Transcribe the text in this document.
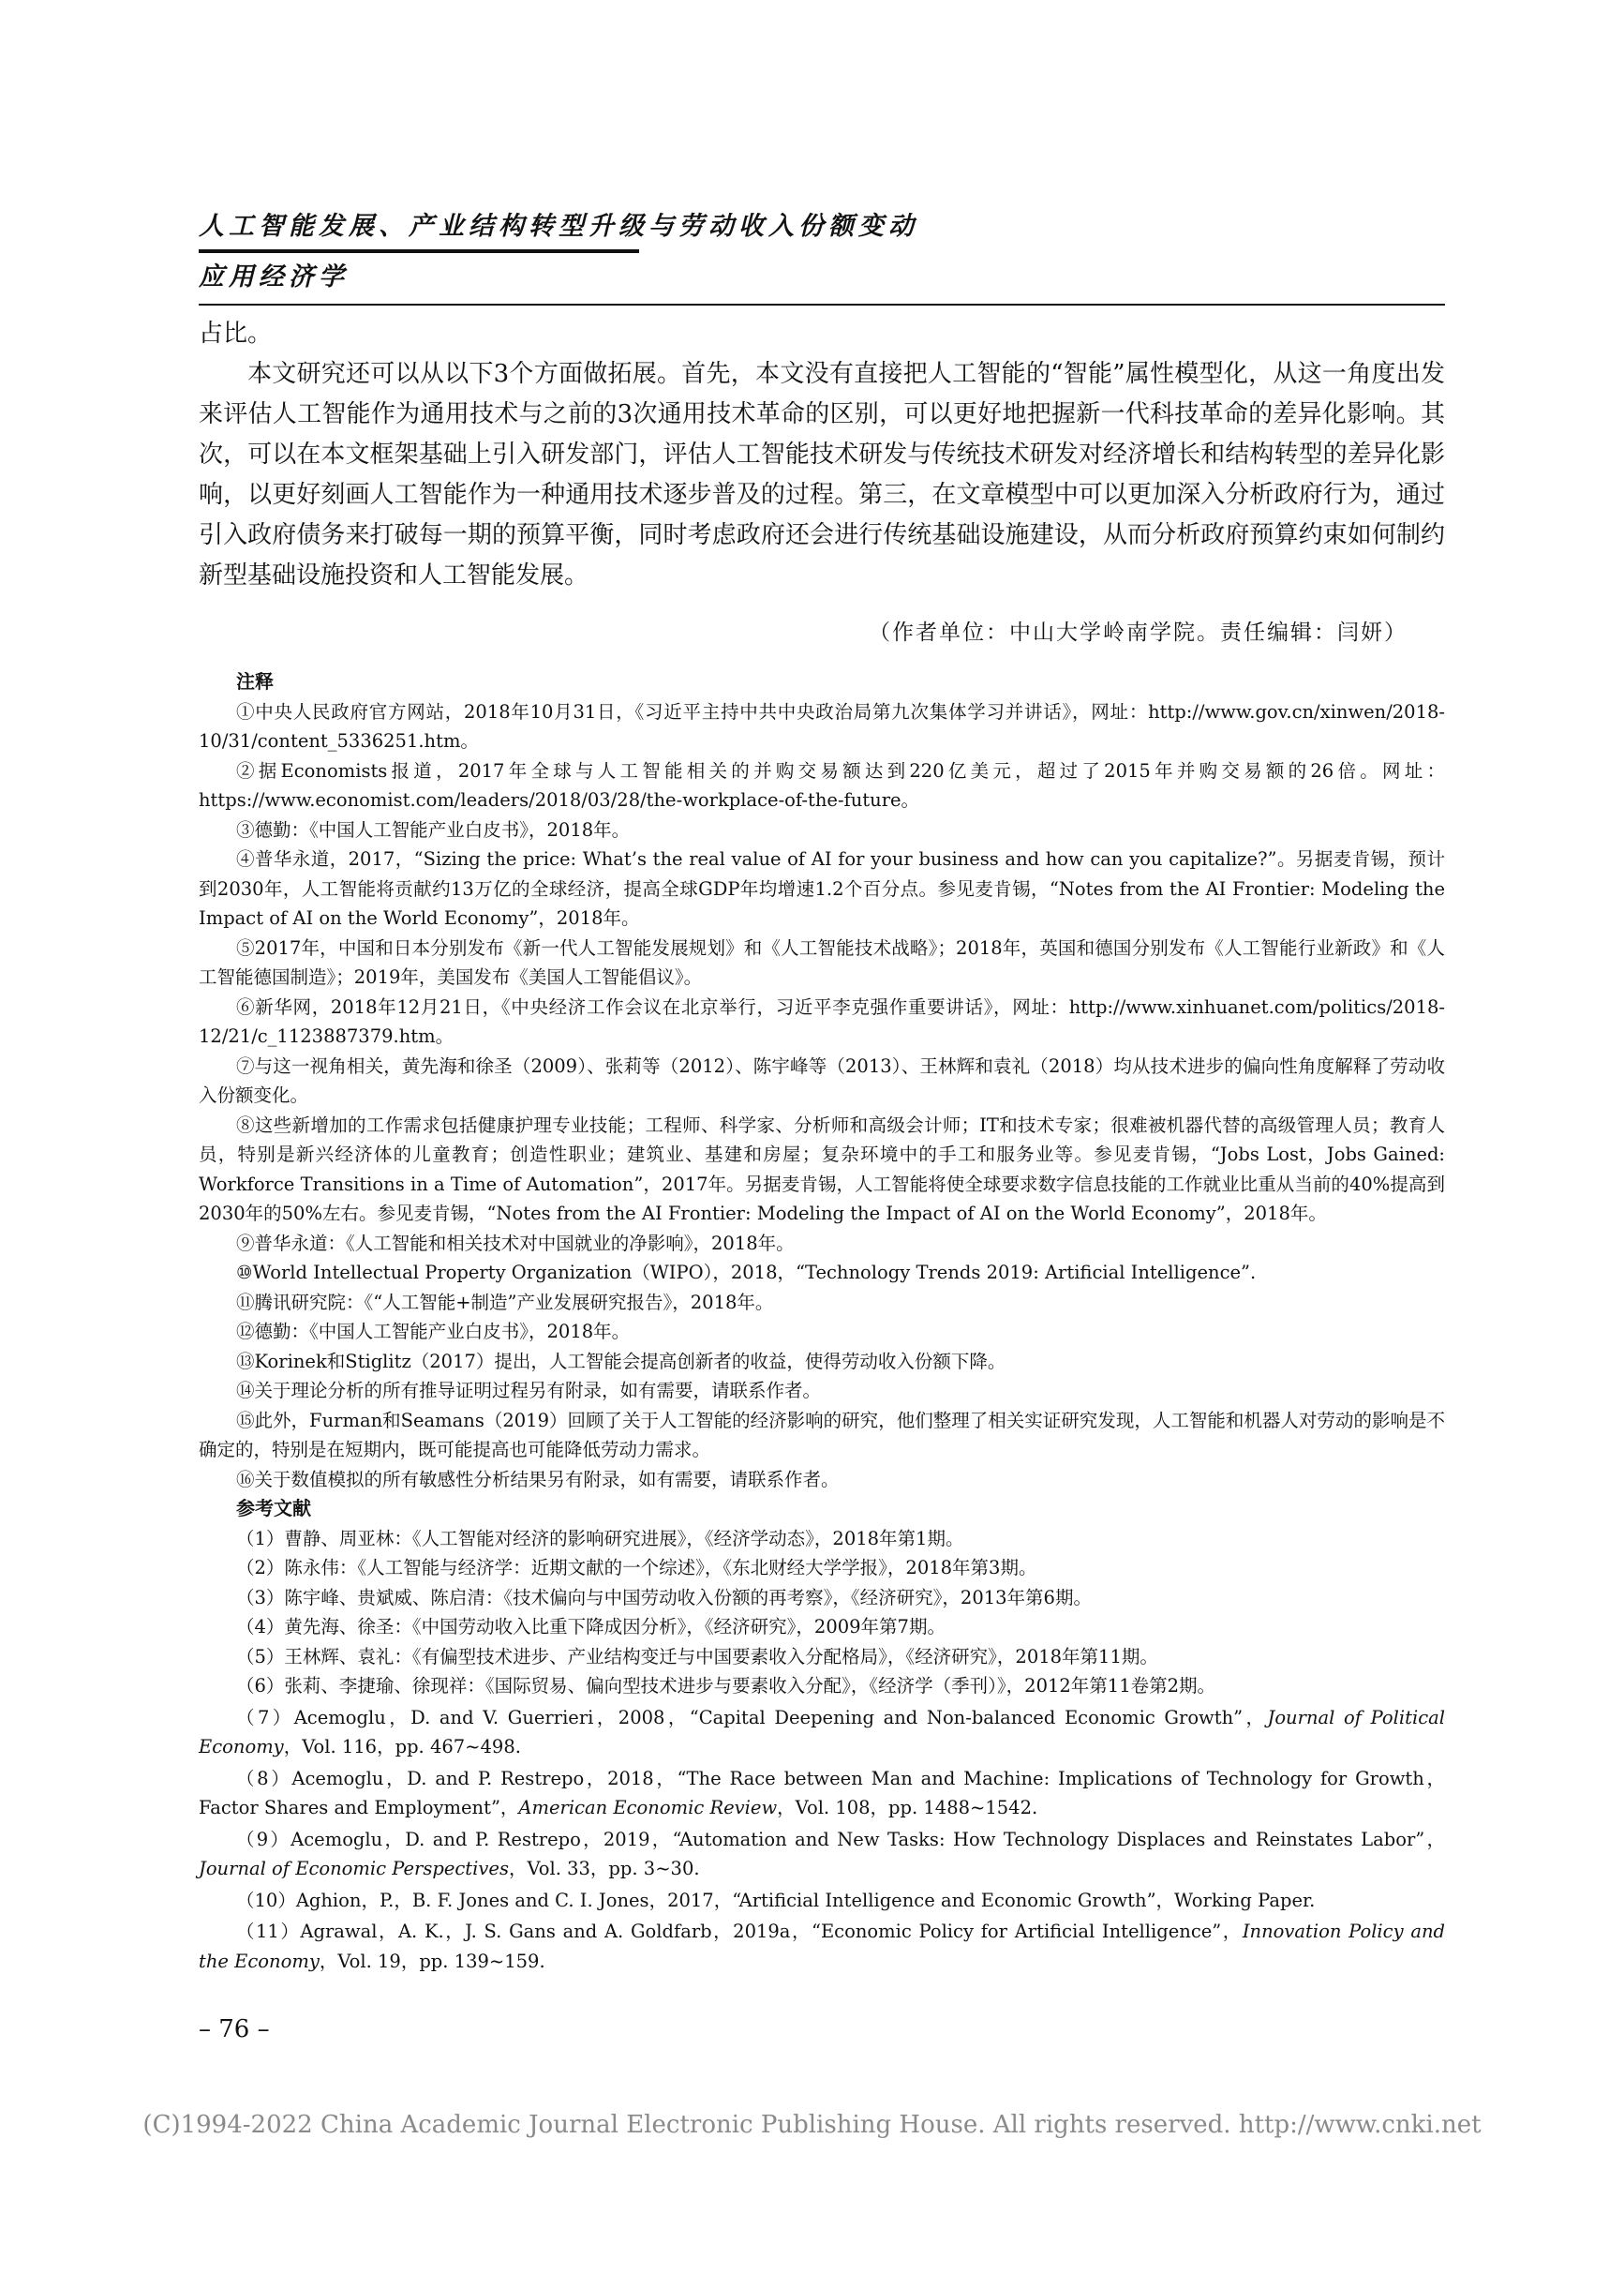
人工智能发展、产业结构转型升级与劳动收入份额变动
应用经济学

占比。

本文研究还可以从以下3个方面做拓展。首先，本文没有直接把人工智能的“智能”属性模型化，从这一角度出发来评估人工智能作为通用技术与之前的3次通用技术革命的区别，可以更好地把握新一代科技革命的差异化影响。其次，可以在本文框架基础上引入研发部门，评估人工智能技术研发与传统技术研发对经济增长和结构转型的差异化影响，以更好刻画人工智能作为一种通用技术逐步普及的过程。第三，在文章模型中可以更加深入分析政府行为，通过引入政府债务来打破每一期的预算平衡，同时考虑政府还会进行传统基础设施建设，从而分析政府预算约束如何制约新型基础设施投资和人工智能发展。

（作者单位：中山大学岭南学院。责任编辑：闫妍）
注释

①中央人民政府官方网站，2018年10月31日，《习近平主持中共中央政治局第九次集体学习并讲话》，网址：http://www.gov.cn/xinwen/2018-10/31/content_5336251.htm。

②据Economists报道，2017年全球与人工智能相关的并购交易额达到220亿美元，超过了2015年并购交易额的26倍。网址：https://www.economist.com/leaders/2018/03/28/the-workplace-of-the-future。

③德勤：《中国人工智能产业白皮书》，2018年。

④普华永道，2017，“Sizing the price: What’s the real value of AI for your business and how can you capitalize?”。另据麦肯锡，预计到2030年，人工智能将贡献约13万亿的全球经济，提高全球GDP年均增速1.2个百分点。参见麦肯锡，“Notes from the AI Frontier: Modeling the Impact of AI on the World Economy”，2018年。

⑤2017年，中国和日本分别发布《新一代人工智能发展规划》和《人工智能技术战略》；2018年，英国和德国分别发布《人工智能行业新政》和《人工智能德国制造》；2019年，美国发布《美国人工智能倡议》。

⑥新华网，2018年12月21日，《中央经济工作会议在北京举行，习近平李克强作重要讲话》，网址：http://www.xinhuanet.com/politics/2018-12/21/c_1123887379.htm。

⑦与这一视角相关，黄先海和徐圣（2009）、张莉等（2012）、陈宇峰等（2013）、王林辉和袁礼（2018）均从技术进步的偏向性角度解释了劳动收入份额变化。

⑧这些新增加的工作需求包括健康护理专业技能；工程师、科学家、分析师和高级会计师；IT和技术专家；很难被机器代替的高级管理人员；教育人员，特别是新兴经济体的儿童教育；创造性职业；建筑业、基建和房屋；复杂环境中的手工和服务业等。参见麦肯锡，“Jobs Lost，Jobs Gained: Workforce Transitions in a Time of Automation”，2017年。另据麦肯锡，人工智能将使全球要求数字信息技能的工作就业比重从当前的40%提高到2030年的50%左右。参见麦肯锡，“Notes from the AI Frontier: Modeling the Impact of AI on the World Economy”，2018年。

⑨普华永道：《人工智能和相关技术对中国就业的净影响》，2018年。

⑩World Intellectual Property Organization（WIPO），2018，“Technology Trends 2019: Artificial Intelligence”.

⑪腾讯研究院：《“人工智能+制造”产业发展研究报告》，2018年。

⑫德勤：《中国人工智能产业白皮书》，2018年。

⑬Korinek和Stiglitz（2017）提出，人工智能会提高创新者的收益，使得劳动收入份额下降。

⑭关于理论分析的所有推导证明过程另有附录，如有需要，请联系作者。

⑮此外，Furman和Seamans（2019）回顾了关于人工智能的经济影响的研究，他们整理了相关实证研究发现，人工智能和机器人对劳动的影响是不确定的，特别是在短期内，既可能提高也可能降低劳动力需求。

⑯关于数值模拟的所有敏感性分析结果另有附录，如有需要，请联系作者。

参考文献

（1）曹静、周亚林：《人工智能对经济的影响研究进展》，《经济学动态》，2018年第1期。

（2）陈永伟：《人工智能与经济学：近期文献的一个综述》，《东北财经大学学报》，2018年第3期。

（3）陈宇峰、贵斌威、陈启清：《技术偏向与中国劳动收入份额的再考察》，《经济研究》，2013年第6期。

（4）黄先海、徐圣：《中国劳动收入比重下降成因分析》，《经济研究》，2009年第7期。

（5）王林辉、袁礼：《有偏型技术进步、产业结构变迁与中国要素收入分配格局》，《经济研究》，2018年第11期。

（6）张莉、李捷瑜、徐现祥：《国际贸易、偏向型技术进步与要素收入分配》，《经济学（季刊）》，2012年第11卷第2期。

（7）Acemoglu，D. and V. Guerrieri，2008，“Capital Deepening and Non-balanced Economic Growth”，Journal of Political Economy，Vol. 116，pp. 467~498.

（8）Acemoglu，D. and P. Restrepo，2018，“The Race between Man and Machine: Implications of Technology for Growth，Factor Shares and Employment”，American Economic Review，Vol. 108，pp. 1488~1542.

（9）Acemoglu，D. and P. Restrepo，2019，“Automation and New Tasks: How Technology Displaces and Reinstates Labor”，Journal of Economic Perspectives，Vol. 33，pp. 3~30.

（10）Aghion，P.，B. F. Jones and C. I. Jones，2017，“Artificial Intelligence and Economic Growth”，Working Paper.

（11）Agrawal，A. K.，J. S. Gans and A. Goldfarb，2019a，“Economic Policy for Artificial Intelligence”，Innovation Policy and the Economy，Vol. 19，pp. 139~159.

– 76 –
(C)1994-2022 China Academic Journal Electronic Publishing House. All rights reserved. http://www.cnki.net
